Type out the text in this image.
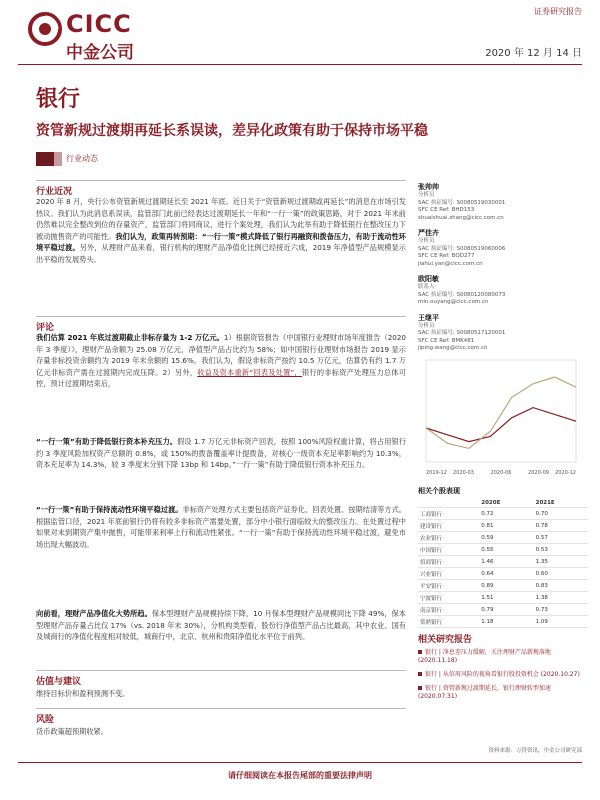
CICC
中金公司
证券研究报告
2020 年 12 月 14 日
银行
资管新规过渡期再延长系误读，差异化政策有助于保持市场平稳
行业动态
行业近况
2020 年 8 月，央行公布资管新规过渡期延长至 2021 年底。近日关于“资管新规过渡期或再延长”的消息在市场引发热议。我们认为此消息系误读，监管部门此前已经表达过渡期延长一年和“一行一策”的政策思路，对于 2021 年末前仍然难以完全整改到位的存量资产，监管部门将同商议，进行个案处理，我们认为此举有助于降低银行在整改压力下被动抛售资产的可能性。我们认为，政策再转预期：“一行一策”模式降低了银行再融资和拨备压力，有助于流动性环境平稳过渡。另外，从理财产品来看，银行机构的理财产品净值化比例已经接近六成，2019 年净值型产品规模显示出平稳的发展势头。
评论
我们估算 2021 年底过渡期截止非标存量为 1-2 万亿元。1）根据资管报告《中国银行业理财市场年度报告（2020 年 3 季度）》，理财产品余额为 25.08 万亿元，净值型产品占比约为 58%；如中国银行业理财市场报告 2019 显示存量非标投资余额约为 2019 年末余额的 15.6%。我们认为，假设非标资产按约 10.5 万亿元，估算仍有约 1.7 万亿元非标资产需在过渡期内完成压降。2）另外，收益及资本重新“回表及处置”，银行的非标资产处理压力总体可控，预计过渡期结束后，
“一行一策”有助于降低银行资本补充压力。假设 1.7 万亿元非标资产回表，按照 100%风险权重计算，将占用银行约 3 季度风险加权资产总额的 0.8%，或 150%的拨备覆盖率计提拨备，对核心一级资本充足率影响约为 10.3%，资本充足率为 14.3%，较 3 季度末分别下降 13bp 和 14bp。”一行一策”有助于降低银行资本补充压力。
“一行一策”有助于保持流动性环境平稳过渡。非标资产处理方式主要包括资产证券化、回表处置、按期结清等方式。根据监管口径，2021 年底前银行仍将有较多非标资产需要处置，部分中小银行面临较大的整改压力。在处置过程中如果对未到期资产集中抛售，可能带来利率上行和流动性紧张。“一行一策”有助于保持流动性环境平稳过渡，避免市场出现大幅波动。
向前看，理财产品净值化大势所趋。保本型理财产品规模持续下降，10 月保本型理财产品规模同比下降 49%，保本型理财产品存量占比仅 17%（vs. 2018 年末 30%），分机构类型看，股份行净值型产品占比最高，其中农业、国有及城商行的净值化程度相对较低，城商行中，北京、杭州和贵阳净值化水平位于前列。
估值与建议
维持目标价和盈利预测不变。
风险
货币政策超预期收紧。
张帅帅
分析员
SAC 执证编号: S0080519030001
SFC CE Ref: BHD153
shuaishuai.zhang@cicc.com.cn
严佳卉
分析员
SAC 执证编号: S0080519060006
SFC CE Ref: BQD277
jiahui.yan@cicc.com.cn
欧阳敏
联系人
SAC 执证编号: S0080120080073
min.ouyang@cicc.com.cn
王继平
分析员
SAC 执证编号: S0080517120001
SFC CE Ref: BMK481
jiping.wang@cicc.com.cn
2019-12 2020-03	2020-06	2020-09 2020-12
相关个股表现
	2020E	2021E
工商银行	0.72	0.70
建设银行	0.81	0.78
农业银行	0.59	0.57
中国银行	0.55	0.53
招商银行	1.46	1.35
兴业银行	0.64	0.60
平安银行	0.89	0.83
宁波银行	1.51	1.38
南京银行	0.79	0.73
常熟银行	1.18	1.09
相关研究报告
银行 | 净息差压力缓解，关注理财产品新规落地 (2020.11.18)
银行 | 从信用风险的视角看银行股投资机会 (2020.10.27)
银行 | 资管新规过渡期延长，银行理财转型加速 (2020.07.31)
资料来源：万得资讯，中金公司研究部
请仔细阅读在本报告尾部的重要法律声明
